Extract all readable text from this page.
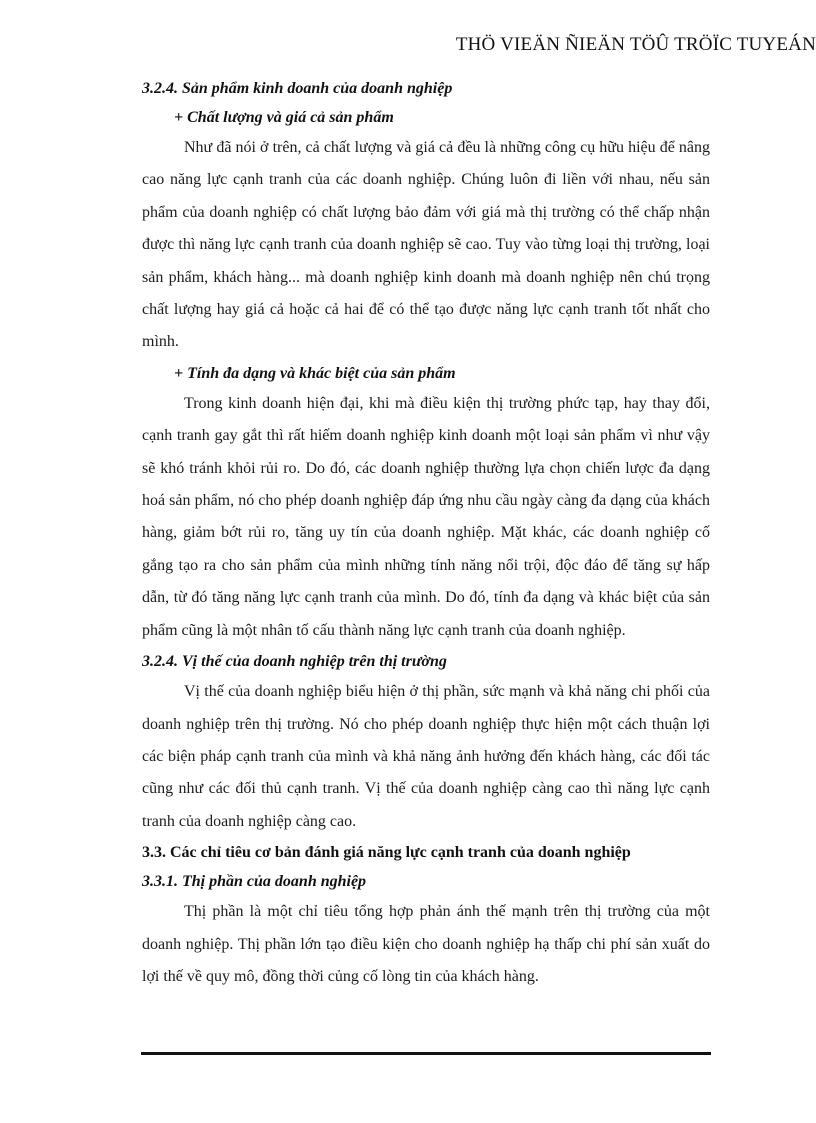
THÖ VIEÄN ÑIEÄN TÖÛ TRÖÏC TUYEÁN
3.2.4. Sản phẩm kinh doanh của doanh nghiệp
+ Chất lượng và giá cả sản phẩm

Như đã nói ở trên, cả chất lượng và giá cả đều là những công cụ hữu hiệu để nâng cao năng lực cạnh tranh của các doanh nghiệp. Chúng luôn đi liền với nhau, nếu sản phẩm của doanh nghiệp có chất lượng bảo đảm với giá mà thị trường có thể chấp nhận được thì năng lực cạnh tranh của doanh nghiệp sẽ cao. Tuy vào từng loại thị trường, loại sản phẩm, khách hàng... mà doanh nghiệp kinh doanh mà doanh nghiệp nên chú trọng chất lượng hay giá cả hoặc cả hai để có thể tạo được năng lực cạnh tranh tốt nhất cho mình.

+ Tính đa dạng và khác biệt của sản phẩm

Trong kinh doanh hiện đại, khi mà điều kiện thị trường phức tạp, hay thay đổi, cạnh tranh gay gắt thì rất hiếm doanh nghiệp kinh doanh một loại sản phẩm vì như vậy sẽ khó tránh khỏi rủi ro. Do đó, các doanh nghiệp thường lựa chọn chiến lược đa dạng hoá sản phẩm, nó cho phép doanh nghiệp đáp ứng nhu cầu ngày càng đa dạng của khách hàng, giảm bớt rủi ro, tăng uy tín của doanh nghiệp. Mặt khác, các doanh nghiệp cố gắng tạo ra cho sản phẩm của mình những tính năng nổi trội, độc đáo để tăng sự hấp dẫn, từ đó tăng năng lực cạnh tranh của mình. Do đó, tính đa dạng và khác biệt của sản phẩm cũng là một nhân tố cấu thành năng lực cạnh tranh của doanh nghiệp.

3.2.4. Vị thế của doanh nghiệp trên thị trường

Vị thế của doanh nghiệp biểu hiện ở thị phần, sức mạnh và khả năng chi phối của doanh nghiệp trên thị trường. Nó cho phép doanh nghiệp thực hiện một cách thuận lợi các biện pháp cạnh tranh của mình và khả năng ảnh hưởng đến khách hàng, các đối tác cũng như các đối thủ cạnh tranh. Vị thế của doanh nghiệp càng cao thì năng lực cạnh tranh của doanh nghiệp càng cao.

3.3. Các chỉ tiêu cơ bản đánh giá năng lực cạnh tranh của doanh nghiệp
3.3.1. Thị phần của doanh nghiệp

Thị phần là một chỉ tiêu tổng hợp phản ánh thế mạnh trên thị trường của một doanh nghiệp. Thị phần lớn tạo điều kiện cho doanh nghiệp hạ thấp chi phí sản xuất do lợi thế về quy mô, đồng thời củng cố lòng tin của khách hàng.
